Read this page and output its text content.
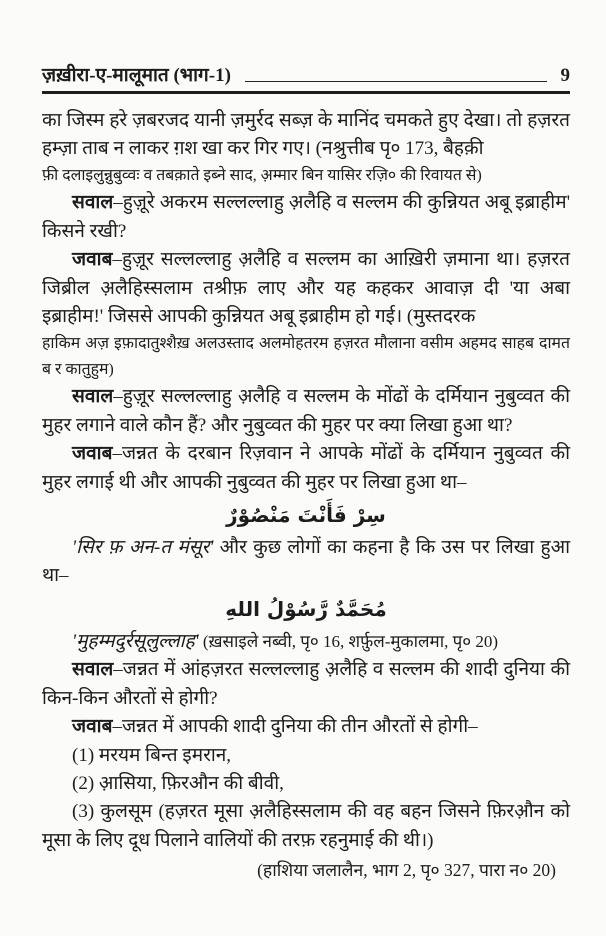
ज़ख़ीरा-ए-मालूमात (भाग-1)	9
का जिस्म हरे ज़बरजद यानी ज़मुर्रद सब्ज़ के मानिंद चमकते हुए देखा। तो हज़रत हम्ज़ा ताब न लाकर ग़श खा कर गिर गए। (नश्रुत्तीब पृ० 173, बैहक़ी
फ़ी दलाइलुन्नुबुव्वः व तबक़ाते इब्ने साद, अ़म्मार बिन यासिर रज़ि० की रिवायत से)
सवाल–हुज़ूरे अकरम सल्लल्लाहु अ़लैहि व सल्लम की कुन्नियत अबू इब्राहीम' किसने रखी?
जवाब–हुज़ूर सल्लल्लाहु अ़लैहि व सल्लम का आख़िरी ज़माना था। हज़रत जिब्रील अ़लैहिस्सलाम तश्रीफ़ लाए और यह कहकर आवाज़ दी 'या अबा इब्राहीम!' जिससे आपकी कुन्नियत अबू इब्राहीम हो गई। (मुस्तदरक
हाकिम अज़ इफ़ादातुश्शैख़ अलउस्ताद अलमोहतरम हज़रत मौलाना वसीम अहमद साहब दामत ब र कातुहुम)
सवाल–हुज़ूर सल्लल्लाहु अ़लैहि व सल्लम के मोंढों के दर्मियान नुबुव्वत की मुहर लगाने वाले कौन हैं? और नुबुव्वत की मुहर पर क्या लिखा हुआ था?
जवाब–जन्नत के दरबान रिज़वान ने आपके मोंढों के दर्मियान नुबुव्वत की मुहर लगाई थी और आपकी नुबुव्वत की मुहर पर लिखा हुआ था–
سِرْ فَأَنْتَ مَنْصُوْرٌ
'सिर फ़ अन-त मंसूर' और कुछ लोगों का कहना है कि उस पर लिखा हुआ था–
مُحَمَّدٌ رَّسُوْلُ اللهِ
'मुहम्मदुर्रसूलुल्लाह' (ख़साइले नब्वी, पृ० 16, शर्फ़ुल-मुकालमा, पृ० 20)
सवाल–जन्नत में आंहज़रत सल्लल्लाहु अ़लैहि व सल्लम की शादी दुनिया की किन-किन औरतों से होगी?
जवाब–जन्नत में आपकी शादी दुनिया की तीन औरतों से होगी–
(1) मरयम बिन्त इमरान,
(2) आ़सिया, फ़िरऔन की बीवी,
(3) कुलसूम (हज़रत मूसा अ़लैहिस्सलाम की वह बहन जिसने फ़िरऔ़न को मूसा के लिए दूध पिलाने वालियों की तरफ़ रहनुमाई की थी।)
(हाशिया जलालैन, भाग 2, पृ० 327, पारा न० 20)
